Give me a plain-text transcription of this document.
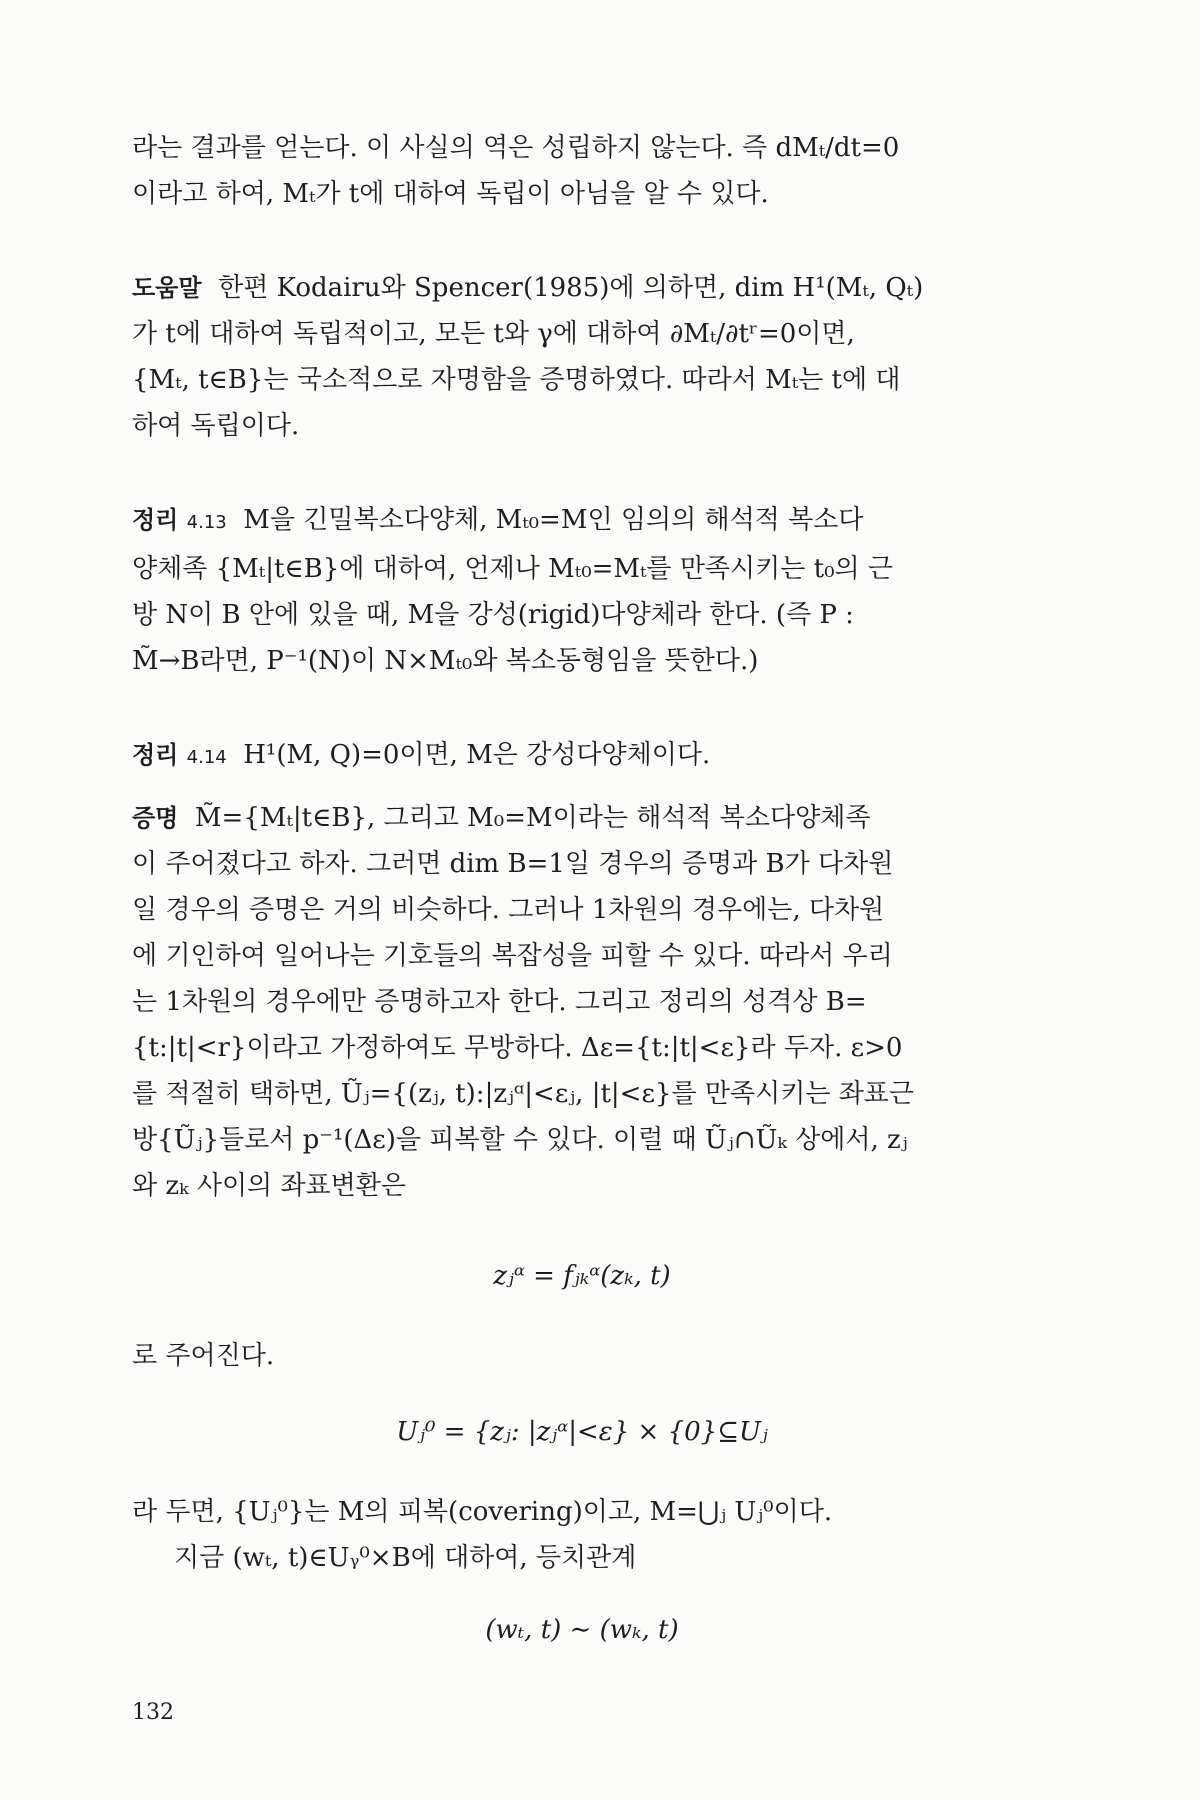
라는 결과를 얻는다. 이 사실의 역은 성립하지 않는다. 즉 dMₜ/dt=0
이라고 하여, Mₜ가 t에 대하여 독립이 아님을 알 수 있다.
도움말 한편 Kodairu와 Spencer(1985)에 의하면, dim H¹(Mₜ, Qₜ)
가 t에 대하여 독립적이고, 모든 t와 γ에 대하여 ∂Mₜ/∂tʳ=0이면,
{Mₜ, t∈B}는 국소적으로 자명함을 증명하였다. 따라서 Mₜ는 t에 대
하여 독립이다.
정리 4.13 M을 긴밀복소다양체, Mₜ₀=M인 임의의 해석적 복소다
양체족 {Mₜ|t∈B}에 대하여, 언제나 Mₜ₀=Mₜ를 만족시키는 t₀의 근
방 N이 B 안에 있을 때, M을 강성(rigid)다양체라 한다. (즉 P :
M̃→B라면, P⁻¹(N)이 N×Mₜ₀와 복소동형임을 뜻한다.)
정리 4.14 H¹(M, Q)=0이면, M은 강성다양체이다.
증명 M̃={Mₜ|t∈B}, 그리고 M₀=M이라는 해석적 복소다양체족
이 주어졌다고 하자. 그러면 dim B=1일 경우의 증명과 B가 다차원
일 경우의 증명은 거의 비슷하다. 그러나 1차원의 경우에는, 다차원
에 기인하여 일어나는 기호들의 복잡성을 피할 수 있다. 따라서 우리
는 1차원의 경우에만 증명하고자 한다. 그리고 정리의 성격상 B=
{t:|t|<r}이라고 가정하여도 무방하다. Δε={t:|t|<ε}라 두자. ε>0
를 적절히 택하면, Ũⱼ={(zⱼ, t):|zⱼᵅ|<εⱼ, |t|<ε}를 만족시키는 좌표근
방{Ũⱼ}들로서 p⁻¹(Δε)을 피복할 수 있다. 이럴 때 Ũⱼ∩Ũₖ 상에서, zⱼ
와 zₖ 사이의 좌표변환은
zⱼᵅ = fⱼₖᵅ(zₖ, t)
로 주어진다.
Uⱼ⁰ = {zⱼ: |zⱼᵅ|<ε} × {0}⊆Uⱼ
라 두면, {Uⱼ⁰}는 M의 피복(covering)이고, M=⋃ⱼ Uⱼ⁰이다.
지금 (wₜ, t)∈Uᵧ⁰×B에 대하여, 등치관계
(wₜ, t) ∼ (wₖ, t)
132
